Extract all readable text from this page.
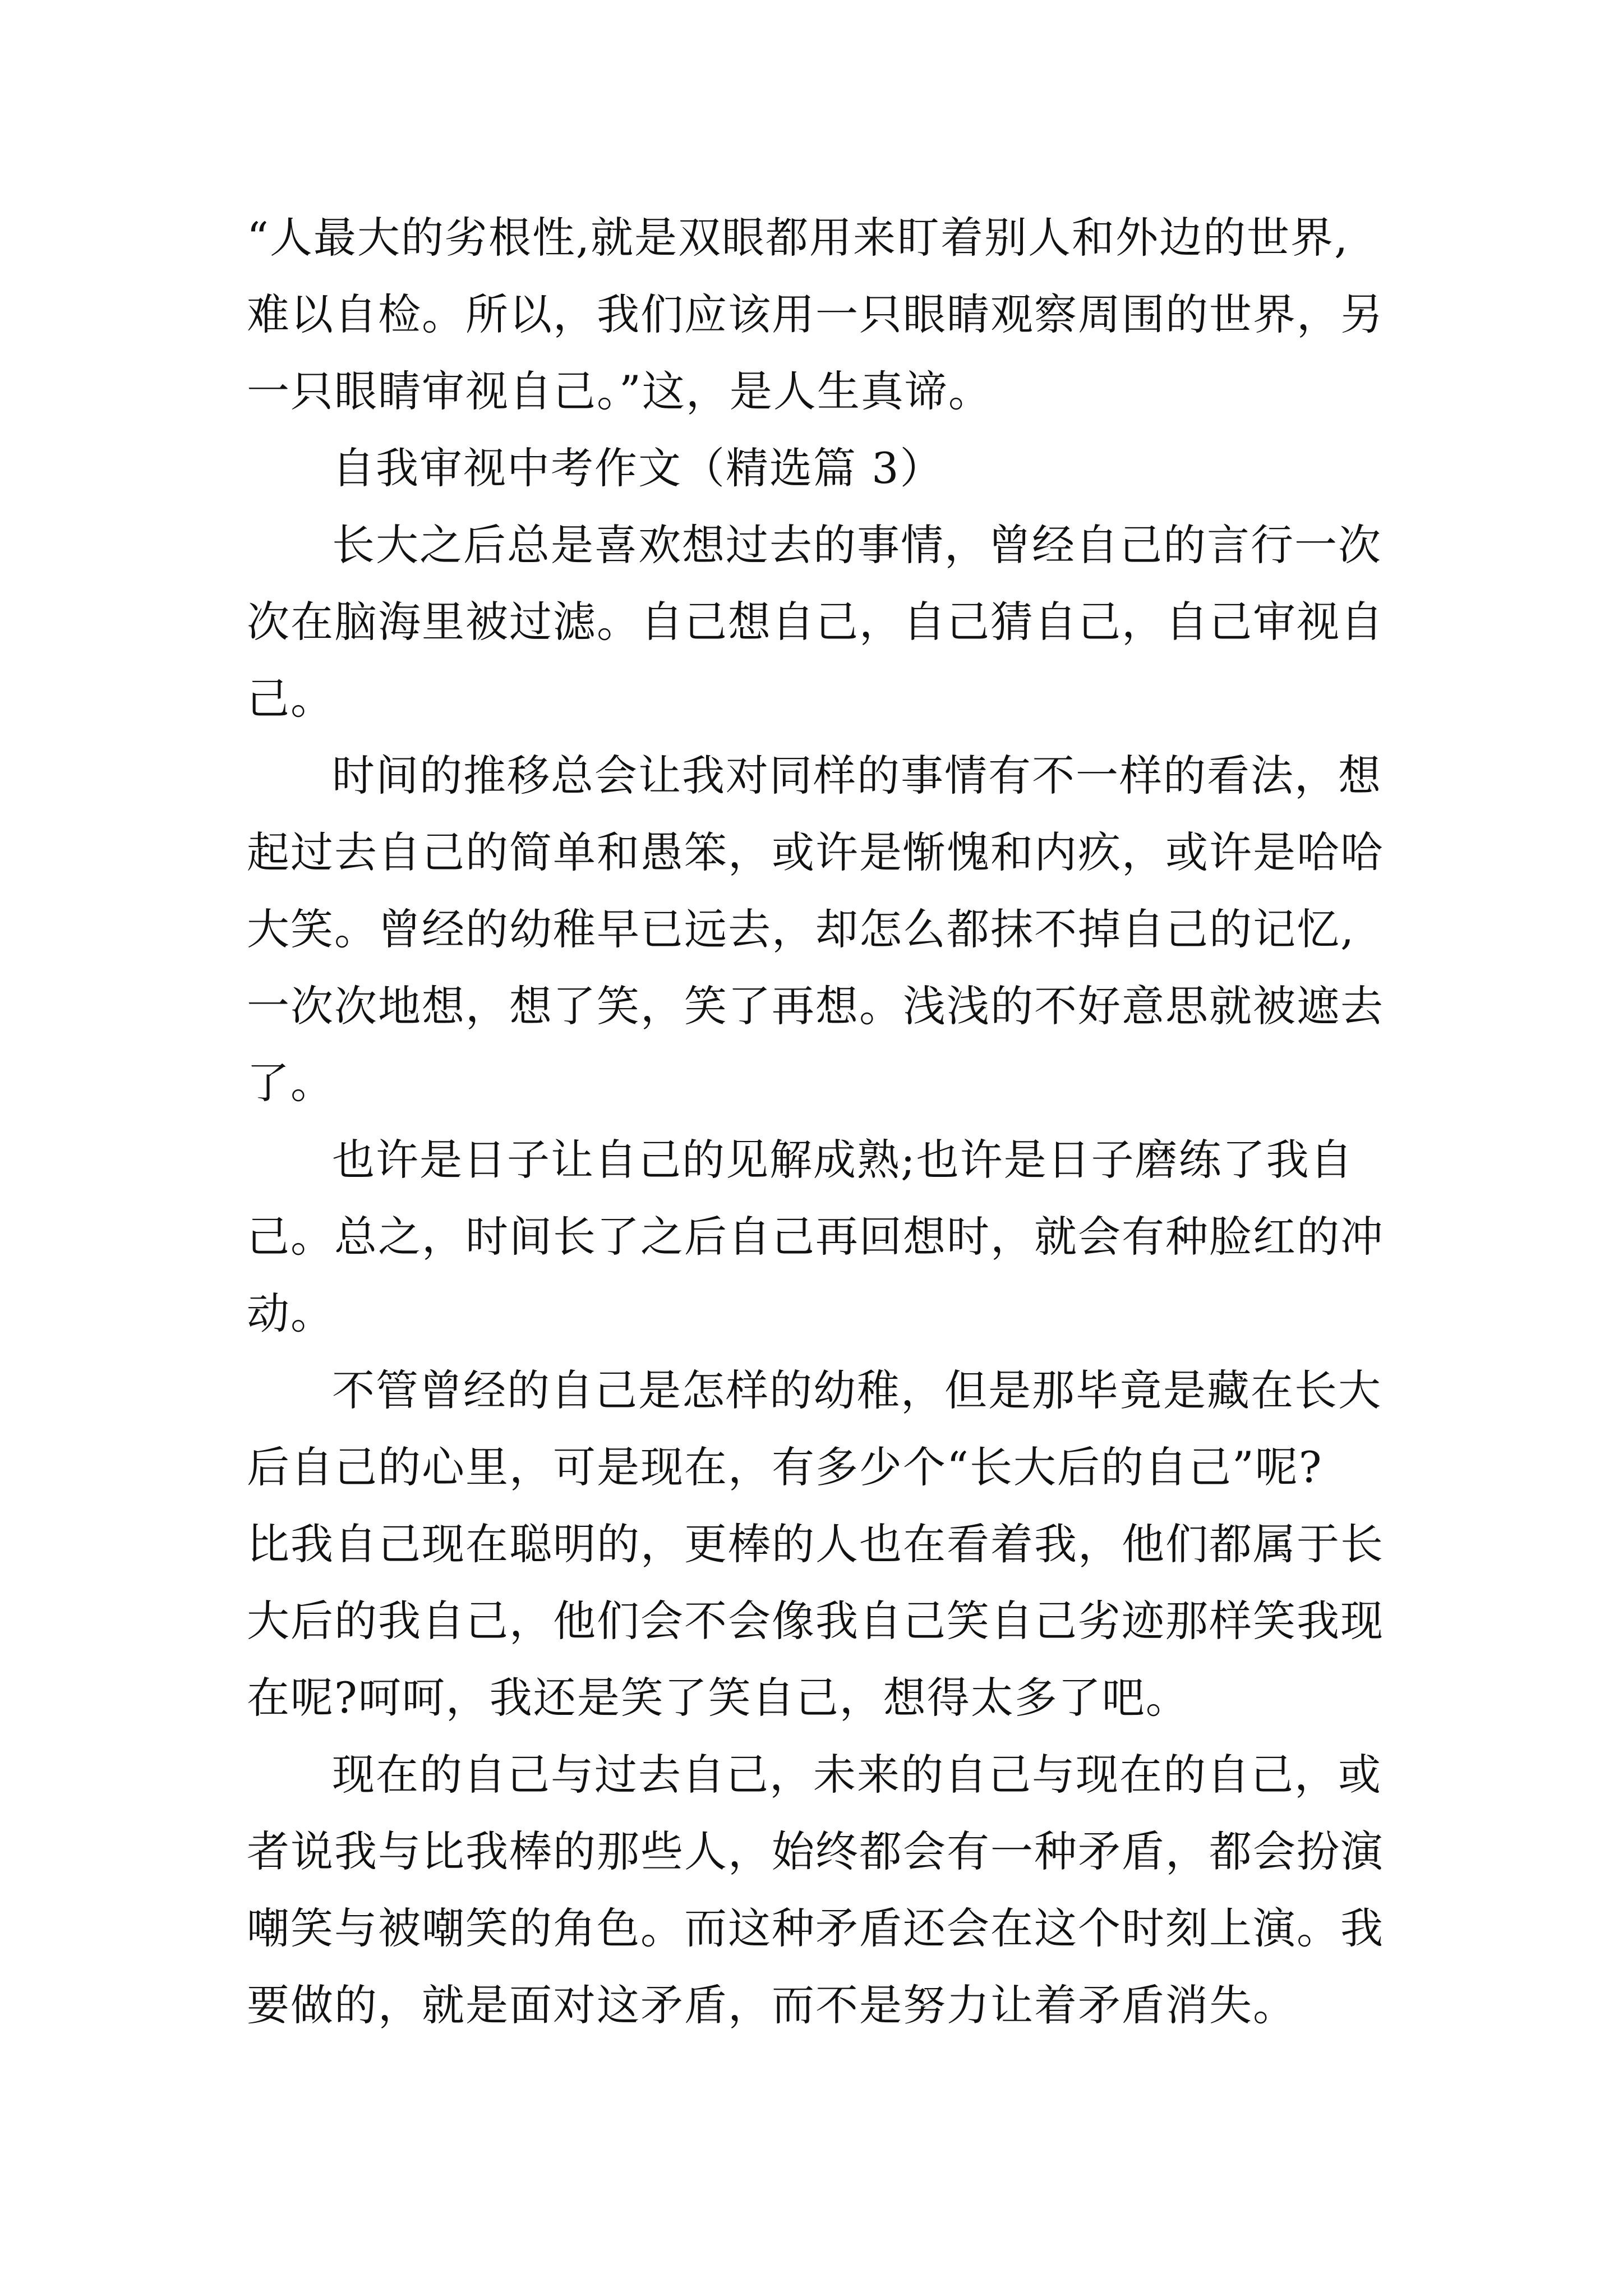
“人最大的劣根性,就是双眼都用来盯着别人和外边的世界,
难以自检。所以，我们应该用一只眼睛观察周围的世界，另
一只眼睛审视自己。”这，是人生真谛。

自我审视中考作文（精选篇 3）

长大之后总是喜欢想过去的事情，曾经自己的言行一次
次在脑海里被过滤。自己想自己，自己猜自己，自己审视自
己。

时间的推移总会让我对同样的事情有不一样的看法，想
起过去自己的简单和愚笨，或许是惭愧和内疚，或许是哈哈
大笑。曾经的幼稚早已远去，却怎么都抹不掉自己的记忆,
一次次地想，想了笑，笑了再想。浅浅的不好意思就被遮去
了。

也许是日子让自己的见解成熟;也许是日子磨练了我自
己。总之，时间长了之后自己再回想时，就会有种脸红的冲
动。

不管曾经的自己是怎样的幼稚，但是那毕竟是藏在长大
后自己的心里，可是现在，有多少个“长大后的自己”呢?
比我自己现在聪明的，更棒的人也在看着我，他们都属于长
大后的我自己，他们会不会像我自己笑自己劣迹那样笑我现
在呢?呵呵，我还是笑了笑自己，想得太多了吧。

现在的自己与过去自己，未来的自己与现在的自己，或
者说我与比我棒的那些人，始终都会有一种矛盾，都会扮演
嘲笑与被嘲笑的角色。而这种矛盾还会在这个时刻上演。我
要做的，就是面对这矛盾，而不是努力让着矛盾消失。
